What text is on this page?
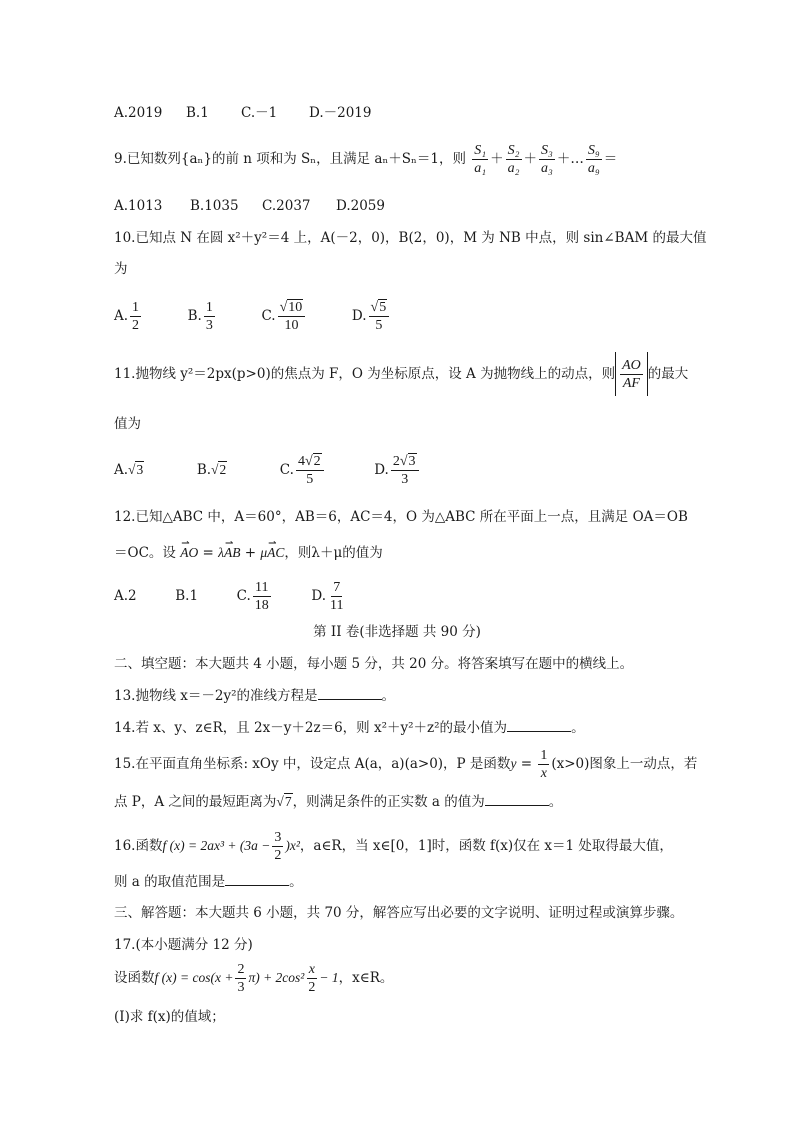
A.2019 B.1 C.－1 D.－2019
9.已知数列{aₙ}的前 n 项和为 Sₙ，且满足 aₙ＋Sₙ＝1，则 $\frac{\text{S₁}}{\text{a₁}} + \frac{\text{S₂}}{\text{a₂}} + \frac{\text{S₃}}{\text{a₃}}$ ＋… $\frac{\text{S₉}}{\text{a₉}}$ ＝
A.1013 B.1035 C.2037 D.2059
10.已知点 N 在圆 x²＋y²＝4 上，A(－2，0)，B(2，0)，M 为 NB 中点，则 sin∠BAM 的最大值
为
A. $\frac{1}{2}$	B. $\frac{1}{3}$	C. $\frac{√10}{10}$	D. $\frac{√5}{5}$
11.抛物线 y²＝2px(p>0)的焦点为 F，O 为坐标原点，设 A 为抛物线上的动点，则 $\frac{AO}{AF}$ 的最大
值为
A.√3	B.√2	C. $\frac{4√2}{5}$	D. $\frac{2√3}{3}$
12.已知△ABC 中，A＝60°，AB＝6，AC＝4，O 为△ABC 所在平面上一点，且满足 OA＝OB
＝OC。设 ⇀ AO = λ⇀ AB + μ⇀ AC，则λ＋μ的值为
A.2	B.1	C. $\frac{11}{18}$	D. $\frac{7}{11}$
第 II 卷(非选择题 共 90 分)
二、填空题：本大题共 4 小题，每小题 5 分，共 20 分。将答案填写在题中的横线上。
13.抛物线 x＝－2y²的准线方程是	。
14.若 x、y、z∈R，且 2x－y＋2z＝6，则 x²＋y²＋z²的最小值为	。
15.在平面直角坐标系: xOy 中，设定点 A(a，a)(a>0)，P 是函数$y = \frac{1}{x} (x>0)$图象上一动点，若
点 P，A 之间的最短距离为√7，则满足条件的正实数 a 的值为	。
16.函数f $(x) = 2ax^3 + (3a - \frac{3}{2} )x^2$，a∈R，当 x∈[0，1]时，函数 f(x)仅在 x＝1 处取得最大值，
则 a 的取值范围是	。
三、解答题：本大题共 6 小题，共 70 分，解答应写出必要的文字说明、证明过程或演算步骤。
17.(本小题满分 12 分)
设函数f $(x) = \cos(x + \frac{2}{3} \pi) + 2\cos^2 \frac{x}{2} - 1$，x∈R。
(I)求 f(x)的值域；
